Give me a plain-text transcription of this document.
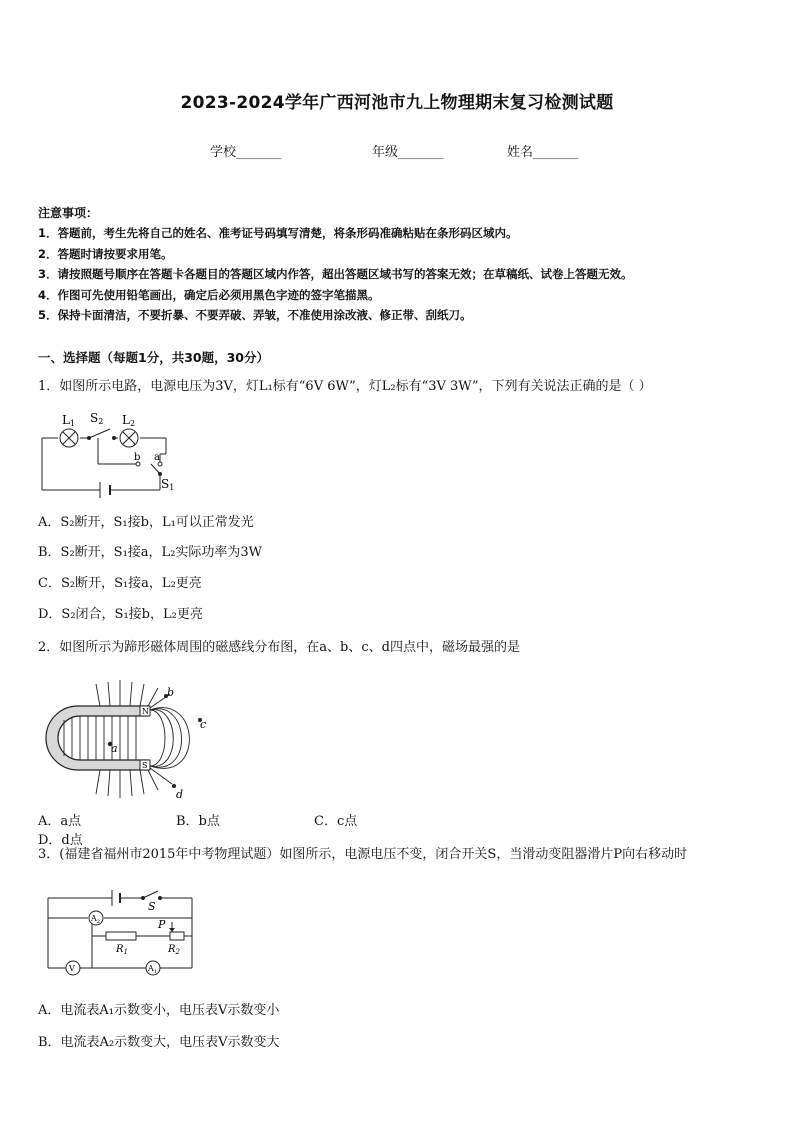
2023-2024学年广西河池市九上物理期末复习检测试题
学校_______	年级_______	姓名_______
注意事项：
1．答题前，考生先将自己的姓名、准考证号码填写清楚，将条形码准确粘贴在条形码区域内。
2．答题时请按要求用笔。
3．请按照题号顺序在答题卡各题目的答题区域内作答，超出答题区域书写的答案无效；在草稿纸、试卷上答题无效。
4．作图可先使用铅笔画出，确定后必须用黑色字迹的签字笔描黑。
5．保持卡面清洁，不要折暴、不要弄破、弄皱，不准使用涂改液、修正带、刮纸刀。
一、选择题（每题1分，共30题，30分）
1．如图所示电路，电源电压为3V，灯L₁标有“6V 6W”，灯L₂标有“3V 3W”，下列有关说法正确的是（ ）
L1 S2 L2
b a
S1
A．S₂断开，S₁接b，L₁可以正常发光
B．S₂断开，S₁接a，L₂实际功率为3W
C．S₂断开，S₁接a，L₂更亮
D．S₂闭合，S₁接b，L₂更亮
2．如图所示为蹄形磁体周围的磁感线分布图，在a、b、c、d四点中，磁场最强的是
N
S
a
b
c
d
A．a点	B．b点	C．c点D．d点
3．(福建省福州市2015年中考物理试题）如图所示，电源电压不变，闭合开关S，当滑动变阻器滑片P向右移动时
$A_2$
V	$A_1$
S
P
$R_1$	$R_2$
A．电流表A₁示数变小，电压表V示数变小
B．电流表A₂示数变大，电压表V示数变大
